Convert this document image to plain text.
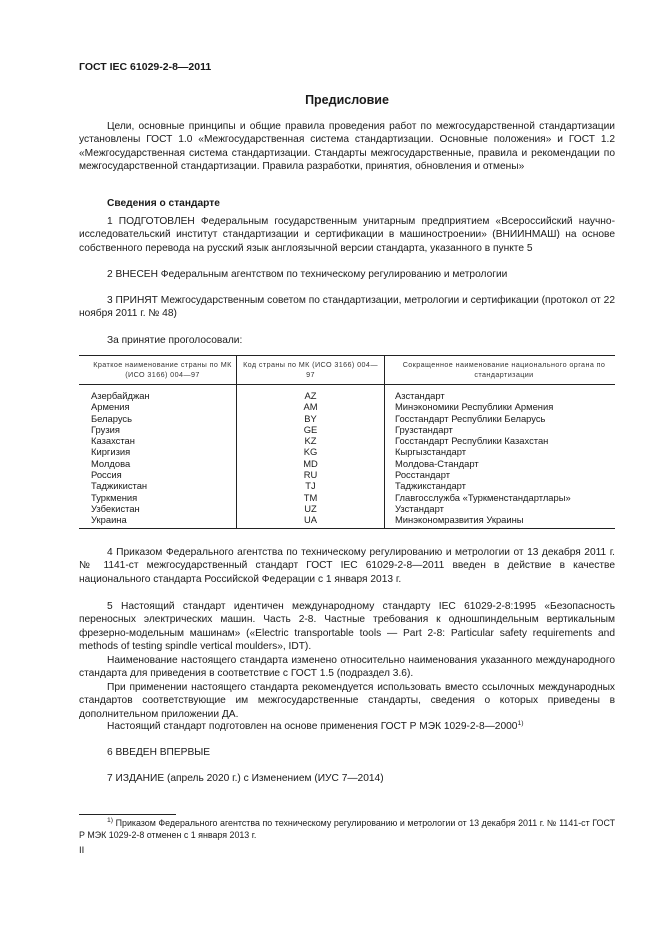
ГОСТ IEC 61029-2-8—2011
Предисловие
Цели, основные принципы и общие правила проведения работ по межгосударственной стандартизации установлены ГОСТ 1.0 «Межгосударственная система стандартизации. Основные положения» и ГОСТ 1.2 «Межгосударственная система стандартизации. Стандарты межгосударственные, правила и рекомендации по межгосударственной стандартизации. Правила разработки, принятия, обновления и отмены»
Сведения о стандарте
1 ПОДГОТОВЛЕН Федеральным государственным унитарным предприятием «Всероссийский научно-исследовательский институт стандартизации и сертификации в машиностроении» (ВНИИНМАШ) на основе собственного перевода на русский язык англоязычной версии стандарта, указанного в пункте 5
2 ВНЕСЕН Федеральным агентством по техническому регулированию и метрологии
3 ПРИНЯТ Межгосударственным советом по стандартизации, метрологии и сертификации (протокол от 22 ноября 2011 г. № 48)
За принятие проголосовали:
Краткое наименование страны по МК (ИСО 3166) 004—97	Код страны по МК (ИСО 3166) 004—97	Сокращенное наименование национального органа по стандартизации
Азербайджан	AZ	Азстандарт
Армения	AM	Минэкономики Республики Армения
Беларусь	BY	Госстандарт Республики Беларусь
Грузия	GE	Грузстандарт
Казахстан	KZ	Госстандарт Республики Казахстан
Киргизия	KG	Кыргызстандарт
Молдова	MD	Молдова-Стандарт
Россия	RU	Росстандарт
Таджикистан	TJ	Таджикстандарт
Туркмения	TM	Главгосслужба «Туркменстандартлары»
Узбекистан	UZ	Узстандарт
Украина	UA	Минэкономразвития Украины
4 Приказом Федерального агентства по техническому регулированию и метрологии от 13 декабря 2011 г. № 1141-ст межгосударственный стандарт ГОСТ IEC 61029-2-8—2011 введен в действие в качестве национального стандарта Российской Федерации с 1 января 2013 г.
5 Настоящий стандарт идентичен международному стандарту IEC 61029-2-8:1995 «Безопасность переносных электрических машин. Часть 2-8. Частные требования к одношпиндельным вертикальным фрезерно-модельным машинам» («Electric transportable tools — Part 2-8: Particular safety requirements and methods of testing spindle vertical moulders», IDT).
Наименование настоящего стандарта изменено относительно наименования указанного международного стандарта для приведения в соответствие с ГОСТ 1.5 (подраздел 3.6).
При применении настоящего стандарта рекомендуется использовать вместо ссылочных международных стандартов соответствующие им межгосударственные стандарты, сведения о которых приведены в дополнительном приложении ДА.
Настоящий стандарт подготовлен на основе применения ГОСТ Р МЭК 1029-2-8—2000$^{1)}$
6 ВВЕДЕН ВПЕРВЫЕ
7 ИЗДАНИЕ (апрель 2020 г.) с Изменением (ИУС 7—2014)
$^{1)}$ Приказом Федерального агентства по техническому регулированию и метрологии от 13 декабря 2011 г. № 1141-ст ГОСТ Р МЭК 1029-2-8 отменен с 1 января 2013 г.
II
